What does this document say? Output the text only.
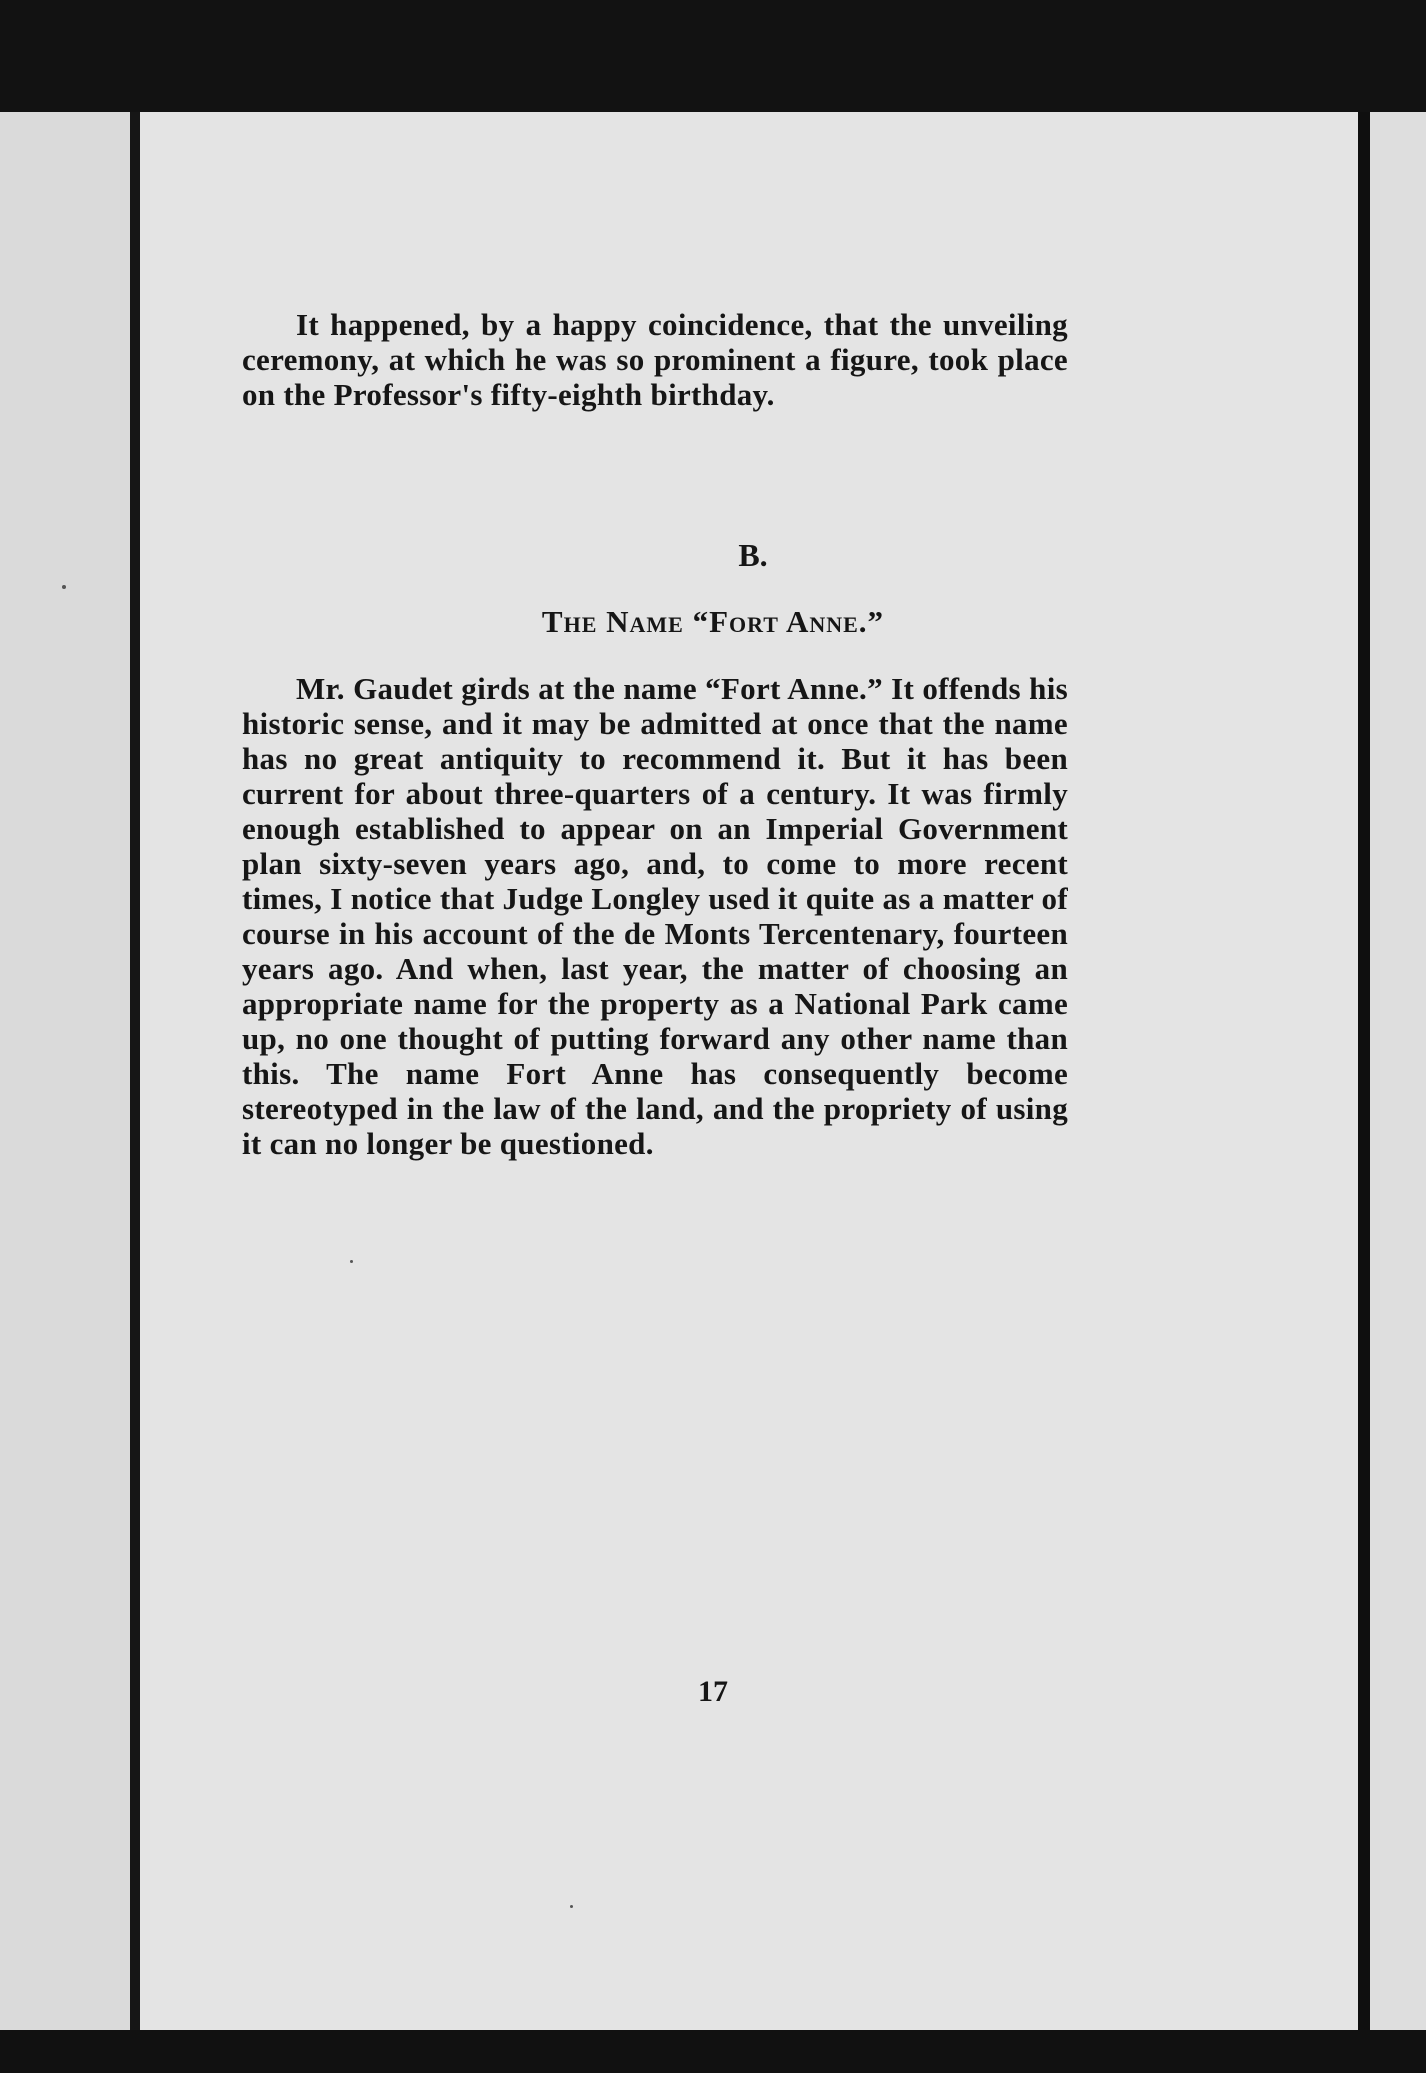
It happened, by a happy coincidence, that the unveiling ceremony, at which he was so prominent a figure, took place on the Professor's fifty-eighth birthday.

B.
The Name “Fort Anne.”

Mr. Gaudet girds at the name “Fort Anne.” It offends his historic sense, and it may be admitted at once that the name has no great antiquity to recommend it. But it has been current for about three-quarters of a century. It was firmly enough established to appear on an Imperial Government plan sixty-seven years ago, and, to come to more recent times, I notice that Judge Longley used it quite as a matter of course in his account of the de Monts Tercentenary, fourteen years ago. And when, last year, the matter of choosing an appropriate name for the property as a National Park came up, no one thought of putting forward any other name than this. The name Fort Anne has consequently become stereotyped in the law of the land, and the propriety of using it can no longer be questioned.

17
